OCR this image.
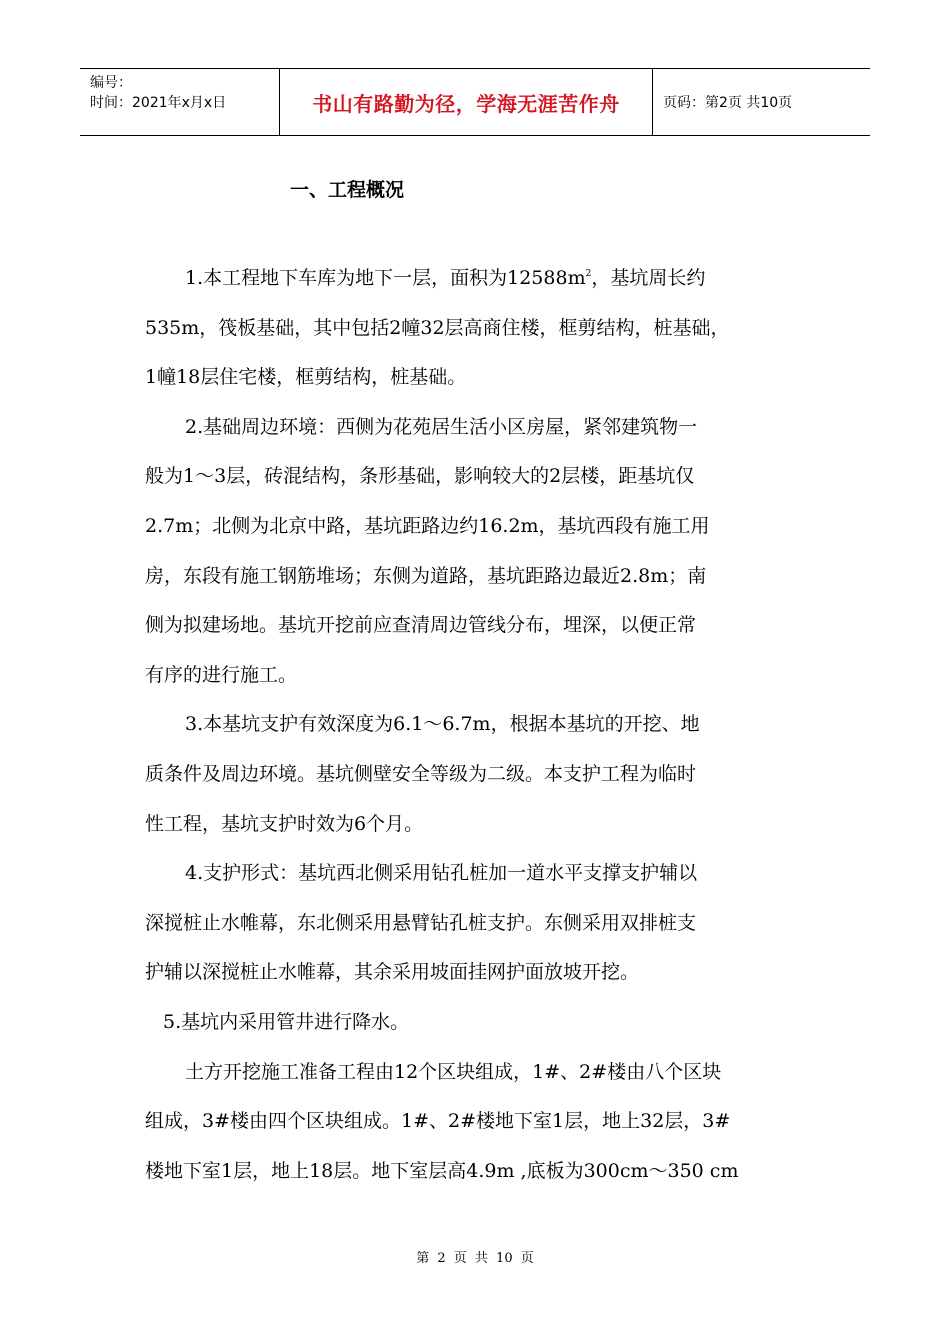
编号：
时间：2021年x月x日	书山有路勤为径，学海无涯苦作舟	页码：第2页 共10页
一、工程概况
1.本工程地下车库为地下一层，面积为$12588m^2$，基坑周长约
535m，筏板基础，其中包括2幢32层高商住楼，框剪结构，桩基础，
1幢18层住宅楼，框剪结构，桩基础。
2.基础周边环境：西侧为花苑居生活小区房屋，紧邻建筑物一
般为1～3层，砖混结构，条形基础，影响较大的2层楼，距基坑仅
2.7m；北侧为北京中路，基坑距路边约16.2m，基坑西段有施工用
房，东段有施工钢筋堆场；东侧为道路，基坑距路边最近2.8m；南
侧为拟建场地。基坑开挖前应查清周边管线分布，埋深，以便正常
有序的进行施工。
3.本基坑支护有效深度为6.1～6.7m，根据本基坑的开挖、地
质条件及周边环境。基坑侧壁安全等级为二级。本支护工程为临时
性工程，基坑支护时效为6个月。
4.支护形式：基坑西北侧采用钻孔桩加一道水平支撑支护辅以
深搅桩止水帷幕，东北侧采用悬臂钻孔桩支护。东侧采用双排桩支
护辅以深搅桩止水帷幕，其余采用坡面挂网护面放坡开挖。
5.基坑内采用管井进行降水。
土方开挖施工准备工程由12个区块组成，1#、2#楼由八个区块
组成，3#楼由四个区块组成。1#、2#楼地下室1层，地上32层，3#
楼地下室1层，地上18层。地下室层高4.9m ,底板为300cm～350 cm
第 2 页 共 10 页
